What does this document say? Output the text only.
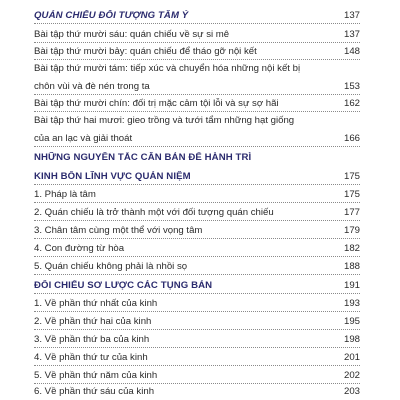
QUÁN CHIẾU ĐỐI TƯỢNG TÂM Ý	137
Bài tập thứ mười sáu: quán chiếu về sự si mê	137
Bài tập thứ mười bảy: quán chiếu để tháo gỡ nội kết	148
Bài tập thứ mười tám: tiếp xúc và chuyển hóa những nội kết bị
chôn vùi và đè nén trong ta	153
Bài tập thứ mười chín: đối trị mặc cảm tội lỗi và sự sợ hãi	162
Bài tập thứ hai mươi: gieo trồng và tưới tẩm những hạt giống
của an lạc và giải thoát	166
NHỮNG NGUYÊN TẮC CĂN BẢN ĐỂ HÀNH TRÌ
KINH BỐN LĨNH VỰC QUÁN NIỆM	175
1. Pháp là tâm	175
2. Quán chiếu là trở thành một với đối tượng quán chiếu	177
3. Chân tâm cùng một thể với vọng tâm	179
4. Con đường từ hòa	182
5. Quán chiếu không phải là nhồi sọ	188
ĐỐI CHIẾU SƠ LƯỢC CÁC TỤNG BẢN	191
1. Về phần thứ nhất của kinh	193
2. Về phần thứ hai của kinh	195
3. Về phần thứ ba của kinh	198
4. Về phần thứ tư của kinh	201
5. Về phần thứ năm của kinh	202
6. Về phần thứ sáu của kinh	203
